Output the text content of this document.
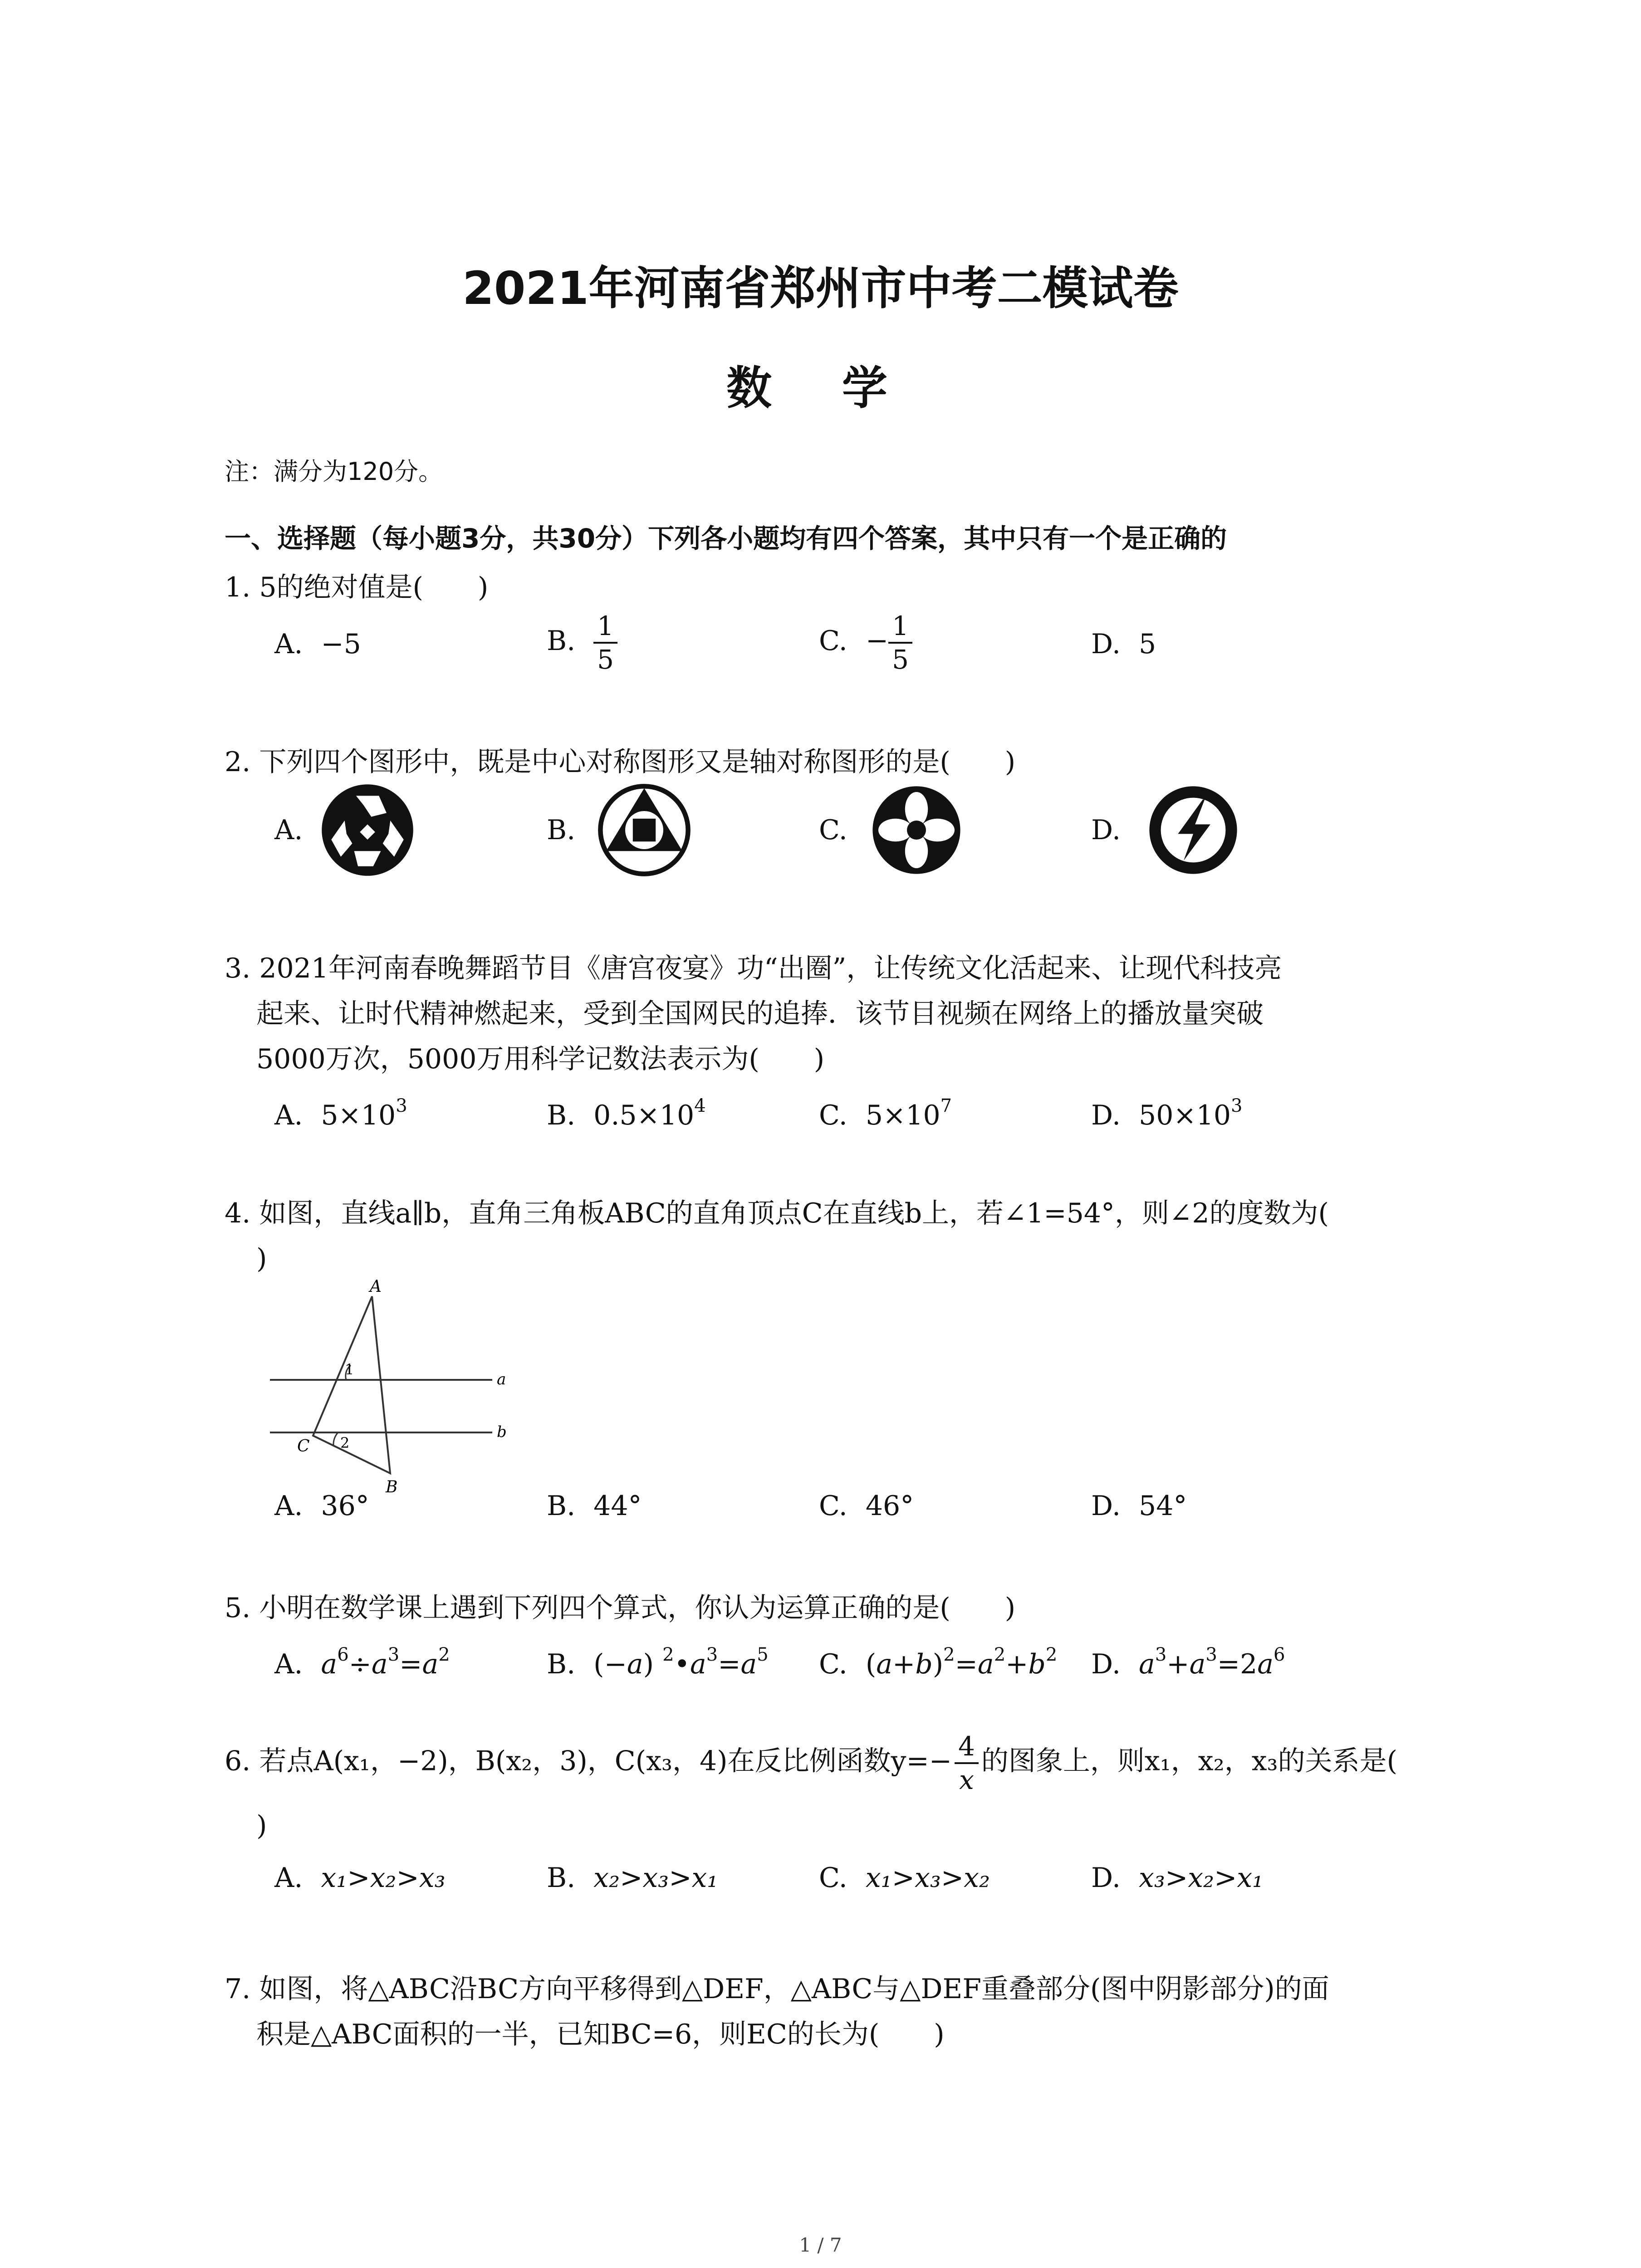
2021年河南省郑州市中考二模试卷
数 学
注：满分为120分。
一、选择题（每小题3分，共30分）下列各小题均有四个答案，其中只有一个是正确的
1. 5的绝对值是(　　)
A. −5	B. $\frac{1}{5}$	C. − $\frac{1}{5}$	D. 5
2. 下列四个图形中，既是中心对称图形又是轴对称图形的是(　　)
A.	B.	C.	D.
3. 2021年河南春晚舞蹈节目《唐宫夜宴》功“出圈”，让传统文化活起来、让现代科技亮
起来、让时代精神燃起来，受到全国网民的追捧．该节目视频在网络上的播放量突破
5000万次，5000万用科学记数法表示为(　　)
A. $5\times 10^3$	B. $0.5\times 10^4$	C. $5\times 10^7$	D. $50\times 10^3$
4. 如图，直线a∥b，直角三角板ABC的直角顶点C在直线b上，若∠1=54°，则∠2的度数为(
)
A
B
C
a
b
1
2
A. 36°	B. 44°	C. 46°	D. 54°
5. 小明在数学课上遇到下列四个算式，你认为运算正确的是(　　)
A. $a^6\div a^3=a^2$	B. (−a) $^2•a^3=a^5$ C. $(a+b)^2=a^2+b^2$ D. $a^3+a^3=2a^6$
6. 若点A(x₁，−2)，B(x₂，3)，C(x₃，4)在反比例函数$y=- \frac{4}{x}$ 的图象上，则x₁，x₂，x₃的关系是(
)
A. x₁>x₂>x₃	B. x₂>x₃>x₁	C. x₁>x₃>x₂	D. x₃>x₂>x₁
7. 如图，将△ABC沿BC方向平移得到△DEF，△ABC与△DEF重叠部分(图中阴影部分)的面
积是△ABC面积的一半，已知BC=6，则EC的长为(　　)
1 / 7
